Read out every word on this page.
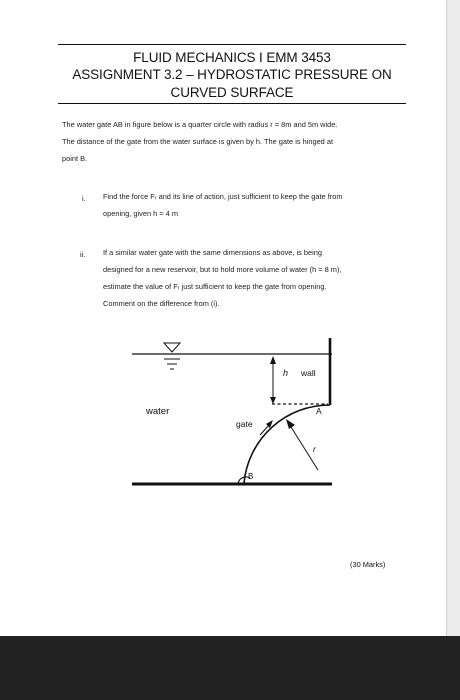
FLUID MECHANICS I EMM 3453
ASSIGNMENT 3.2 – HYDROSTATIC PRESSURE ON
CURVED SURFACE
The water gate AB in figure below is a quarter circle with radius r = 8m and 5m wide.
The distance of the gate from the water surface is given by h. The gate is hinged at
point B.
i. Find the force Fᵣ and its line of action, just sufficient to keep the gate from
opening, given h = 4 m
ii. If a similar water gate with the same dimensions as above, is being
designed for a new reservoir, but to hold more volume of water (h = 8 m),
estimate the value of Fᵣ just sufficient to keep the gate from opening.
Comment on the difference from (i).
h wall
water
gate
A
B
r
(30 Marks)
